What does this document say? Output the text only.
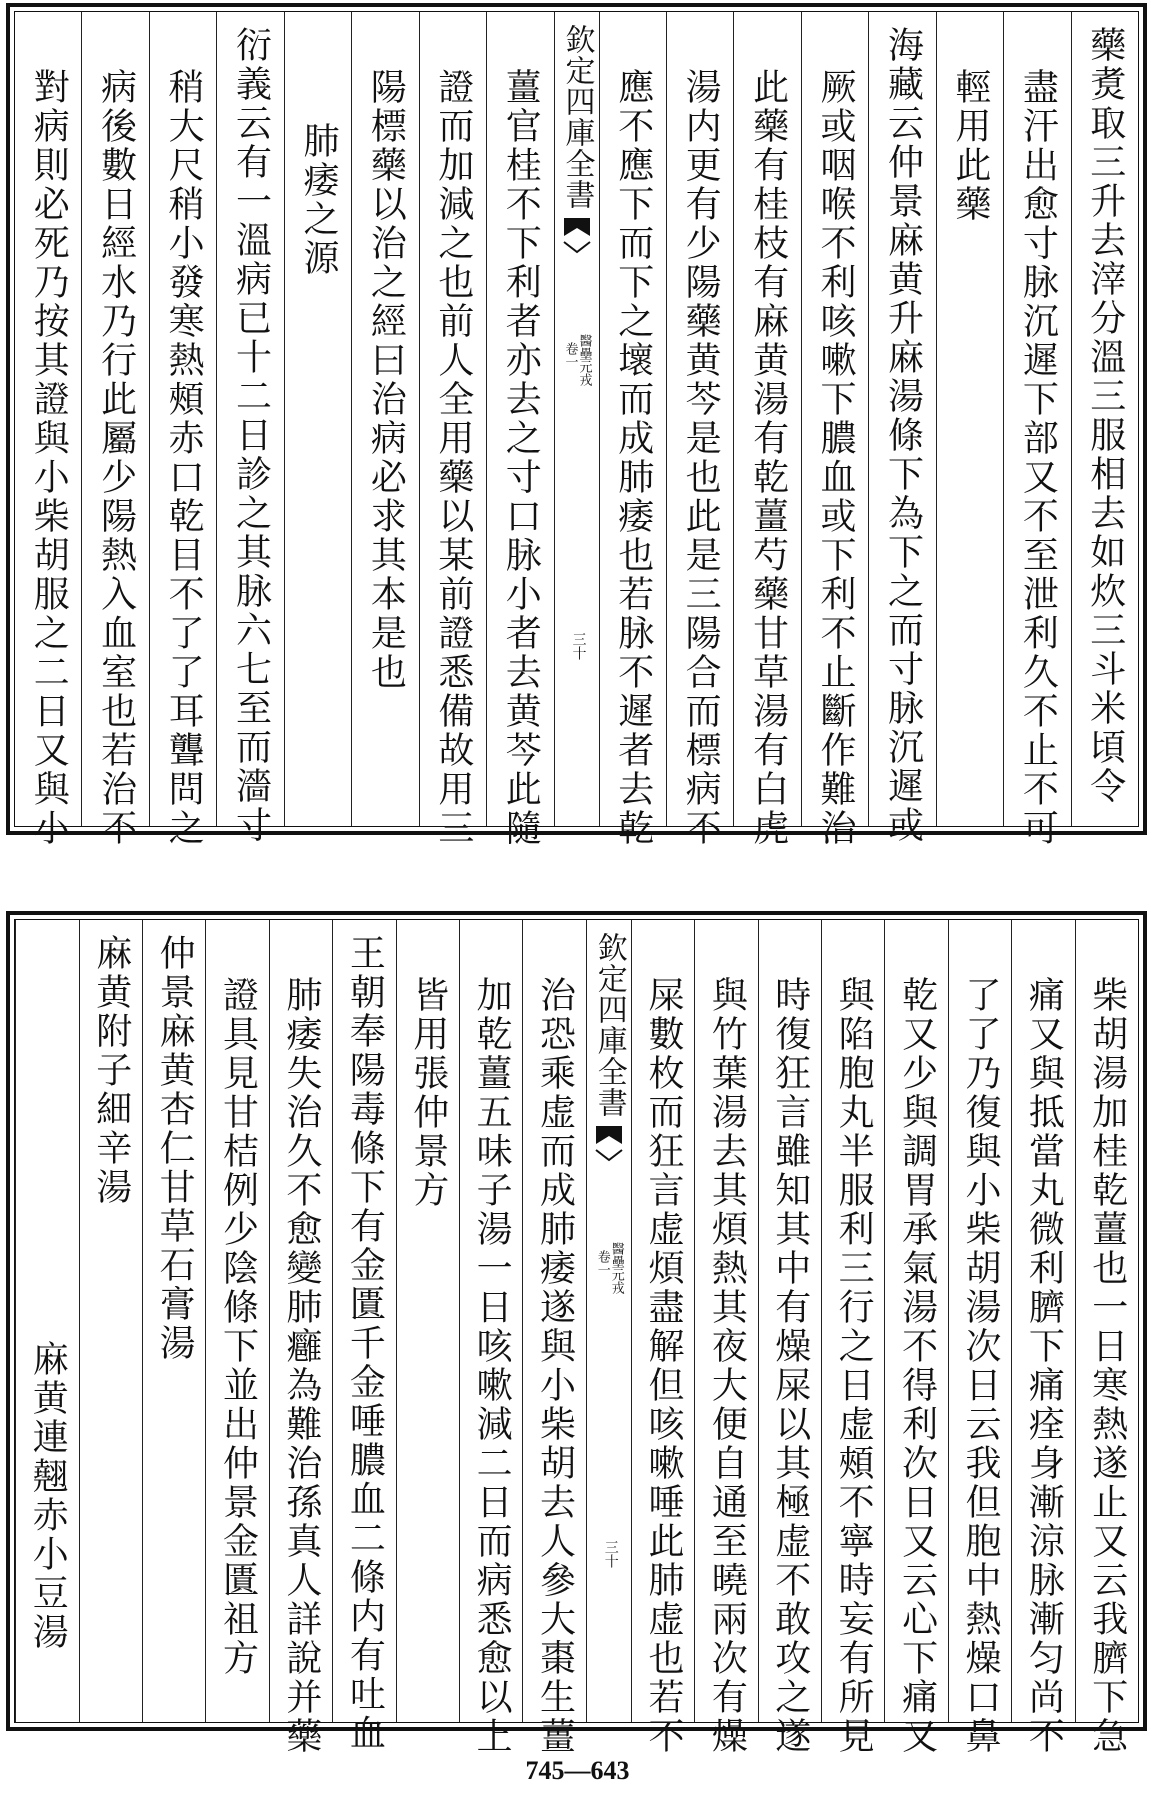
藥煑取三升去滓分溫三服相去如炊三斗米頃令
盡汗出愈寸脉沉遲下部又不至泄利久不止不可
輕用此藥
海藏云仲景麻黄升麻湯條下為下之而寸脉沉遲或
厥或咽喉不利咳嗽下膿血或下利不止斷作難治
此藥有桂枝有麻黄湯有乾薑芍藥甘草湯有白虎
湯内更有少陽藥黄芩是也此是三陽合而標病不
應不應下而下之壞而成肺痿也若脉不遲者去乾
欽定四庫全書
醫壘元戎
卷一
三十
薑官桂不下利者亦去之寸口脉小者去黄芩此隨
證而加減之也前人全用藥以某前證悉備故用三
陽標藥以治之經曰治病必求其本是也
肺痿之源
衍義云有一溫病已十二日診之其脉六七至而濇寸
稍大尺稍小發寒熱頰赤口乾目不了了耳聾問之
病後數日經水乃行此屬少陽熱入血室也若治不
對病則必死乃按其證與小柴胡服之二日又與小
柴胡湯加桂乾薑也一日寒熱遂止又云我臍下急
痛又與抵當丸微利臍下痛痊身漸涼脉漸匀尚不
了了乃復與小柴胡湯次日云我但胞中熱燥口鼻
乾又少與調胃承氣湯不得利次日又云心下痛又
與陷胞丸半服利三行之日虚頰不寧時妄有所見
時復狂言雖知其中有燥屎以其極虚不敢攻之遂
與竹葉湯去其煩熱其夜大便自通至曉兩次有燥
屎數枚而狂言虚煩盡解但咳嗽唾此肺虚也若不
欽定四庫全書
醫壘元戎
卷一
三十
治恐乘虚而成肺痿遂與小柴胡去人參大棗生薑
加乾薑五味子湯一日咳嗽減二日而病悉愈以上
皆用張仲景方
王朝奉陽毒條下有金匱千金唾膿血二條内有吐血
肺痿失治久不愈變肺癰為難治孫真人詳說并藥
證具見甘桔例少陰條下並出仲景金匱祖方
仲景麻黄杏仁甘草石膏湯
麻黄附子細辛湯
麻黄連翹赤小豆湯
745—643
